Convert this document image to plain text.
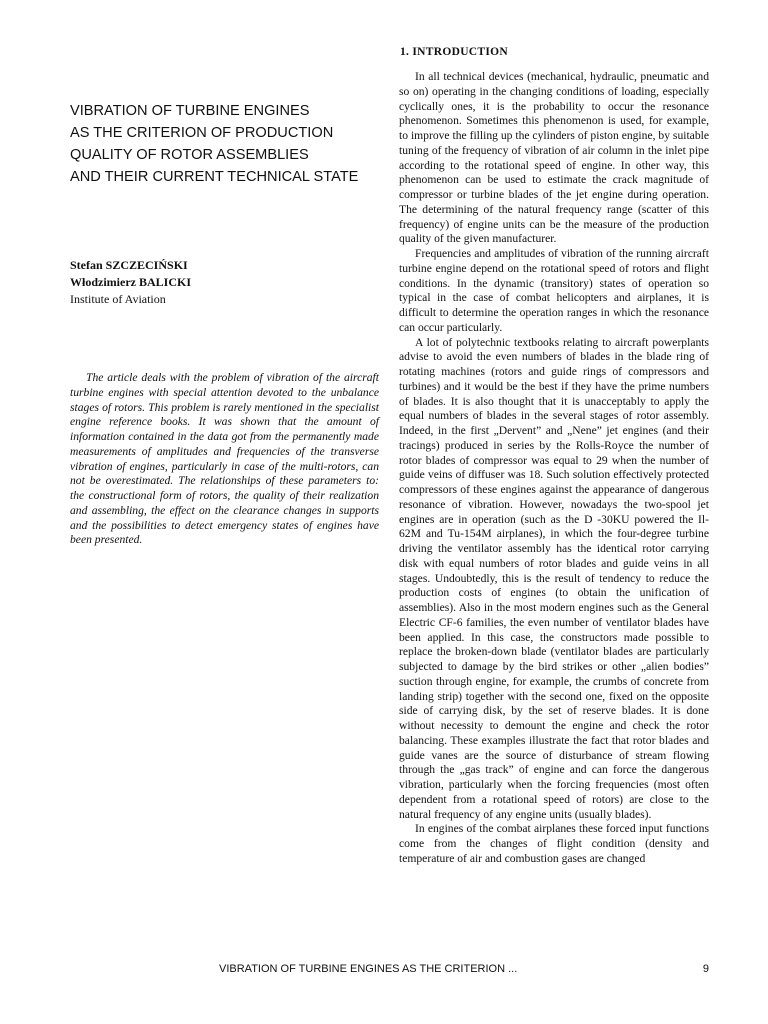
VIBRATION OF TURBINE ENGINES
AS THE CRITERION OF PRODUCTION
QUALITY OF ROTOR ASSEMBLIES
AND THEIR CURRENT TECHNICAL STATE
Stefan SZCZECIŃSKI
Włodzimierz BALICKI
Institute of Aviation

The article deals with the problem of vibration of the aircraft turbine engines with special attention devoted to the unbalance stages of rotors. This problem is rarely mentioned in the specialist engine reference books. It was shown that the amount of information contained in the data got from the permanently made measurements of amplitudes and frequencies of the transverse vibration of engines, particularly in case of the multi-rotors, can not be overestimated. The relationships of these parameters to: the constructional form of rotors, the quality of their realization and assembling, the effect on the clearance changes in supports and the possibilities to detect emergency states of engines have been presented.

1. INTRODUCTION

In all technical devices (mechanical, hydraulic, pneumatic and so on) operating in the changing conditions of loading, especially cyclically ones, it is the probability to occur the resonance phenomenon. Sometimes this phenomenon is used, for example, to improve the filling up the cylinders of piston engine, by suitable tuning of the frequency of vibration of air column in the inlet pipe according to the rotational speed of engine. In other way, this phenomenon can be used to estimate the crack magnitude of compressor or turbine blades of the jet engine during operation. The determining of the natural frequency range (scatter of this frequency) of engine units can be the measure of the production quality of the given manufacturer.

Frequencies and amplitudes of vibration of the running aircraft turbine engine depend on the rotational speed of rotors and flight conditions. In the dynamic (transitory) states of operation so typical in the case of combat helicopters and airplanes, it is difficult to determine the operation ranges in which the resonance can occur particularly.

A lot of polytechnic textbooks relating to aircraft powerplants advise to avoid the even numbers of blades in the blade ring of rotating machines (rotors and guide rings of compressors and turbines) and it would be the best if they have the prime numbers of blades. It is also thought that it is unacceptably to apply the equal numbers of blades in the several stages of rotor assembly. Indeed, in the first „Dervent” and „Nene” jet engines (and their tracings) produced in series by the Rolls-Royce the number of rotor blades of compressor was equal to 29 when the number of guide veins of diffuser was 18. Such solution effectively protected compressors of these engines against the appearance of dangerous resonance of vibration. However, nowadays the two-spool jet engines are in operation (such as the D -30KU powered the Il-62M and Tu-154M airplanes), in which the four-degree turbine driving the ventilator assembly has the identical rotor carrying disk with equal numbers of rotor blades and guide veins in all stages. Undoubtedly, this is the result of tendency to reduce the production costs of engines (to obtain the unification of assemblies). Also in the most modern engines such as the General Electric CF-6 families, the even number of ventilator blades have been applied. In this case, the constructors made possible to replace the broken-down blade (ventilator blades are particularly subjected to damage by the bird strikes or other „alien bodies” suction through engine, for example, the crumbs of concrete from landing strip) together with the second one, fixed on the opposite side of carrying disk, by the set of reserve blades. It is done without necessity to demount the engine and check the rotor balancing. These examples illustrate the fact that rotor blades and guide vanes are the source of disturbance of stream flowing through the „gas track” of engine and can force the dangerous vibration, particularly when the forcing frequencies (most often dependent from a rotational speed of rotors) are close to the natural frequency of any engine units (usually blades).

In engines of the combat airplanes these forced input functions come from the changes of flight condition (density and temperature of air and combustion gases are changed

VIBRATION OF TURBINE ENGINES AS THE CRITERION ...	9
